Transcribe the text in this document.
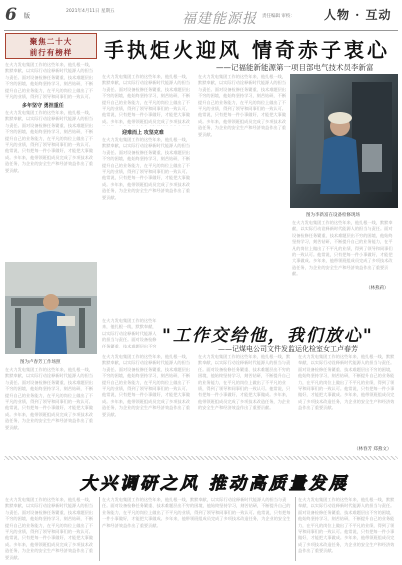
6 版
2021年4月11日 星期五	福建能源报 责任编辑 审校： 人物 · 互动
聚焦二十大
前行有榜样	手执炬火迎风 情奇赤子衷心
——记福能新能源第一项目部电气技术员李新富
在火力发电集团工作的这些年来，他扎根一线，默默奉献，以实际行动诠释新时代能源人的担当与责任。面对设备检修任务繁重、技术难题层出不穷的困境，他始终坚持学习，刻苦钻研，不断提升自己的业务能力，在平凡的岗位上做出了不平凡的业绩，得到了领导和同事们的一致认可。
多年坚守 勇担重任
在火力发电集团工作的这些年来，他扎根一线，默默奉献，以实际行动诠释新时代能源人的担当与责任。面对设备检修任务繁重、技术难题层出不穷的困境，他始终坚持学习，刻苦钻研，不断提升自己的业务能力，在平凡的岗位上做出了不平凡的业绩，得到了领导和同事们的一致认可。他常说，只有把每一件小事做好，才能把大事做成。多年来，他带领班组成员完成了多项技术改造任务，为企业的安全生产和经济效益作出了重要贡献。
在火力发电集团工作的这些年来，他扎根一线，默默奉献，以实际行动诠释新时代能源人的担当与责任。面对设备检修任务繁重、技术难题层出不穷的困境，他始终坚持学习，刻苦钻研，不断提升自己的业务能力，在平凡的岗位上做出了不平凡的业绩，得到了领导和同事们的一致认可。他常说，只有把每一件小事做好，才能把大事做成。多年来，他带领班组成员完成了多项技术改
迎难而上 攻坚克难
在火力发电集团工作的这些年来，他扎根一线，默默奉献，以实际行动诠释新时代能源人的担当与责任。面对设备检修任务繁重、技术难题层出不穷的困境，他始终坚持学习，刻苦钻研，不断提升自己的业务能力，在平凡的岗位上做出了不平凡的业绩，得到了领导和同事们的一致认可。他常说，只有把每一件小事做好，才能把大事做成。多年来，他带领班组成员完成了多项技术改造任务，为企业的安全生产和经济效益作出了重要贡献。
在火力发电集团工作的这些年来，他扎根一线，默默奉献，以实际行动诠释新时代能源人的担当与责任。面对设备检修任务繁重、技术难题层出不穷的困境，他始终坚持学习，刻苦钻研，不断提升自己的业务能力，在平凡的岗位上做出了不平凡的业绩，得到了领导和同事们的一致认可。他常说，只有把每一件小事做好，才能把大事做成。多年来，他带领班组成员完成了多项技术改造任务，为企业的安全生产和经济效益作出了重要贡献。
图为李新富在设备检修现场
在火力发电集团工作的这些年来，他扎根一线，默默奉献，以实际行动诠释新时代能源人的担当与责任。面对设备检修任务繁重、技术难题层出不穷的困境，他始终坚持学习，刻苦钻研，不断提升自己的业务能力，在平凡的岗位上做出了不平凡的业绩，得到了领导和同事们的一致认可。他常说，只有把每一件小事做好，才能把大事做成。多年来，他带领班组成员完成了多项技术改造任务，为企业的安全生产和经济效益作出了重要贡献。
（林燕莉）
图为卢春芳工作场照
在火力发电集团工作的这些年来，他扎根一线，默默奉献，以实际行动诠释新时代能源人的担当与责任。面对设备检修任务繁重、技术难题层出不穷的困境，他始终坚持学习，刻苦钻研，不断提升自己的业务能力，在平凡的岗位上做出了不平凡的业绩，得到了领导和同事们的一致认可。他常说，只有把每一件小事做好，才能把大事做成。多年来，他带领班组成员完成了多项技术改造任务，为企业的安全生产和经济效益作出了重要贡献。
在火力发电集团工作的这些年来，他扎根一线，默默奉献，以实际行动诠释新时代能源人的担当与责任。面对设备检修任务繁重、技术难题层出不穷
"工作交给他，我们放心"
——记煤电公司文件发监运化检室女工卢春芳
在火力发电集团工作的这些年来，他扎根一线，默默奉献，以实际行动诠释新时代能源人的担当与责任。面对设备检修任务繁重、技术难题层出不穷的困境，他始终坚持学习，刻苦钻研，不断提升自己的业务能力，在平凡的岗位上做出了不平凡的业绩，得到了领导和同事们的一致认可。他常说，只有把每一件小事做好，才能把大事做成。多年来，他带领班组成员完成了多项技术改造任务，为企业的安全生产和经济效益作出了重要贡献。
在火力发电集团工作的这些年来，他扎根一线，默默奉献，以实际行动诠释新时代能源人的担当与责任。面对设备检修任务繁重、技术难题层出不穷的困境，他始终坚持学习，刻苦钻研，不断提升自己的业务能力，在平凡的岗位上做出了不平凡的业绩，得到了领导和同事们的一致认可。他常说，只有把每一件小事做好，才能把大事做成。多年来，他带领班组成员完成了多项技术改造任务，为企业的安全生产和经济效益作出了重要贡献。
在火力发电集团工作的这些年来，他扎根一线，默默奉献，以实际行动诠释新时代能源人的担当与责任。面对设备检修任务繁重、技术难题层出不穷的困境，他始终坚持学习，刻苦钻研，不断提升自己的业务能力，在平凡的岗位上做出了不平凡的业绩，得到了领导和同事们的一致认可。他常说，只有把每一件小事做好，才能把大事做成。多年来，他带领班组成员完成了多项技术改造任务，为企业的安全生产和经济效益作出了重要贡献。
（林春芳 郑燕文）
大兴调研之风 推动高质量发展
在火力发电集团工作的这些年来，他扎根一线，默默奉献，以实际行动诠释新时代能源人的担当与责任。面对设备检修任务繁重、技术难题层出不穷的困境，他始终坚持学习，刻苦钻研，不断提升自己的业务能力，在平凡的岗位上做出了不平凡的业绩，得到了领导和同事们的一致认可。他常说，只有把每一件小事做好，才能把大事做成。多年来，他带领班组成员完成了多项技术改造任务，为企业的安全生产和经济效益作出了重要贡献。
在火力发电集团工作的这些年来，他扎根一线，默默奉献，以实际行动诠释新时代能源人的担当与责任。面对设备检修任务繁重、技术难题层出不穷的困境，他始终坚持学习，刻苦钻研，不断提升自己的业务能力，在平凡的岗位上做出了不平凡的业绩，得到了领导和同事们的一致认可。他常说，只有把每一件小事做好，才能把大事做成。多年来，他带领班组成员完成了多项技术改造任务，为企业的安全生产和经济效益作出了重要贡献。
在火力发电集团工作的这些年来，他扎根一线，默默奉献，以实际行动诠释新时代能源人的担当与责任。面对设备检修任务繁重、技术难题层出不穷的困境，他始终坚持学习，刻苦钻研，不断提升自己的业务能力，在平凡的岗位上做出了不平凡的业绩，得到了领导和同事们的一致认可。他常说，只有把每一件小事做好，才能把大事做成。多年来，他带领班组成员完成了多项技术改造任务，为企业的安全生产和经济效益作出了重要贡献。
